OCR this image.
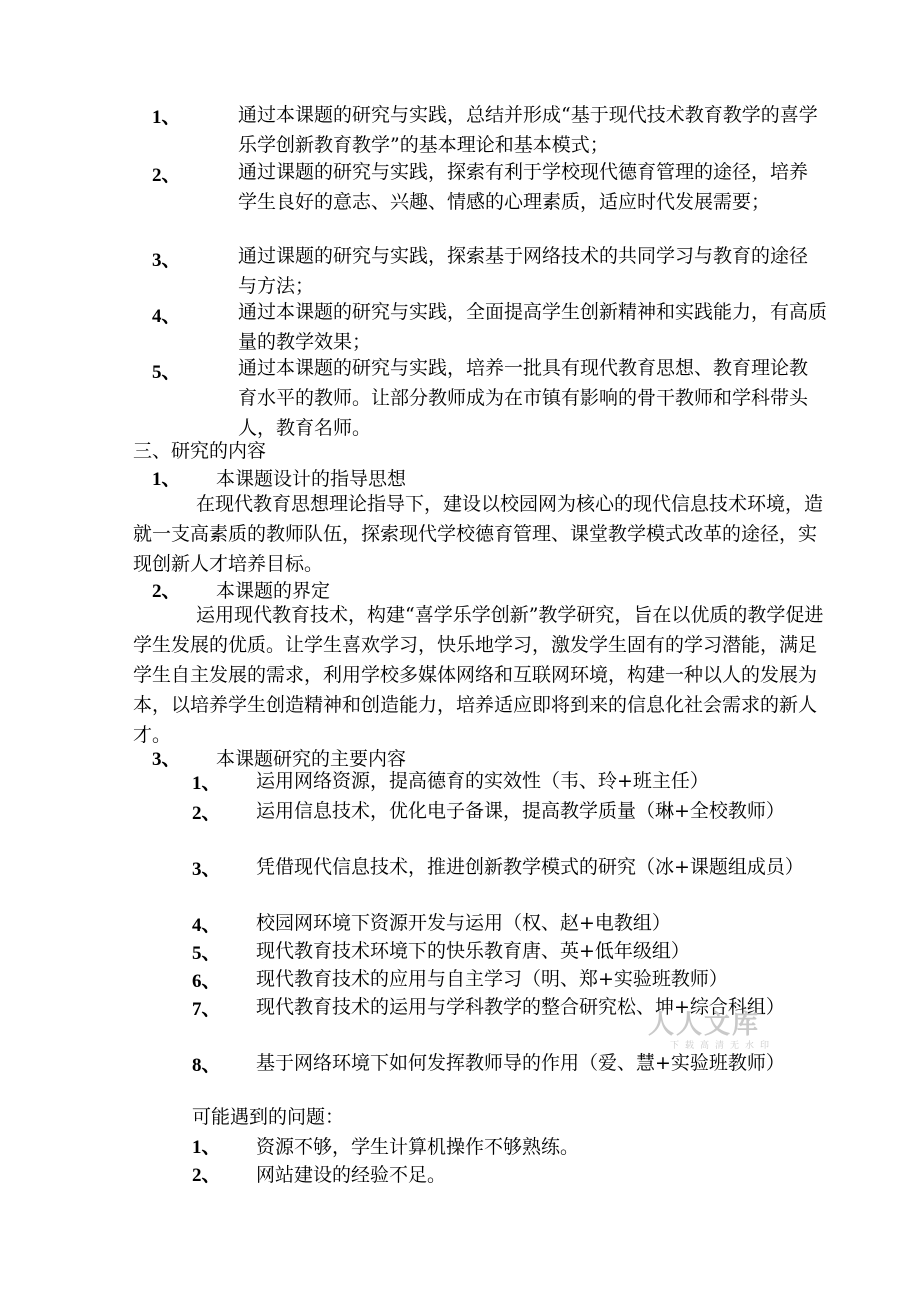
1、	通过本课题的研究与实践，总结并形成“基于现代技术教育教学的喜学乐学创新教育教学”的基本理论和基本模式；
2、	通过课题的研究与实践，探索有利于学校现代德育管理的途径，培养学生良好的意志、兴趣、情感的心理素质，适应时代发展需要；
3、	通过课题的研究与实践，探索基于网络技术的共同学习与教育的途径与方法；
4、	通过本课题的研究与实践，全面提高学生创新精神和实践能力，有高质量的教学效果；
5、	通过本课题的研究与实践，培养一批具有现代教育思想、教育理论教育水平的教师。让部分教师成为在市镇有影响的骨干教师和学科带头人，教育名师。
三、研究的内容
1、 本课题设计的指导思想
在现代教育思想理论指导下，建设以校园网为核心的现代信息技术环境，造就一支高素质的教师队伍，探索现代学校德育管理、课堂教学模式改革的途径，实现创新人才培养目标。
2、 本课题的界定
运用现代教育技术，构建“喜学乐学创新”教学研究，旨在以优质的教学促进学生发展的优质。让学生喜欢学习，快乐地学习，激发学生固有的学习潜能，满足学生自主发展的需求，利用学校多媒体网络和互联网环境，构建一种以人的发展为本，以培养学生创造精神和创造能力，培养适应即将到来的信息化社会需求的新人才。
3、 本课题研究的主要内容
1、 运用网络资源，提高德育的实效性（韦、玲+班主任）
2、 运用信息技术，优化电子备课，提高教学质量（琳+全校教师）
3、 凭借现代信息技术，推进创新教学模式的研究（冰+课题组成员）
4、 校园网环境下资源开发与运用（权、赵+电教组）
5、 现代教育技术环境下的快乐教育唐、英+低年级组）
6、 现代教育技术的应用与自主学习（明、郑+实验班教师）
7、 现代教育技术的运用与学科教学的整合研究松、坤+综合科组）
8、 基于网络环境下如何发挥教师导的作用（爱、慧+实验班教师）
可能遇到的问题：
1、 资源不够，学生计算机操作不够熟练。
2、 网站建设的经验不足。
人人文库
下载高清无水印
